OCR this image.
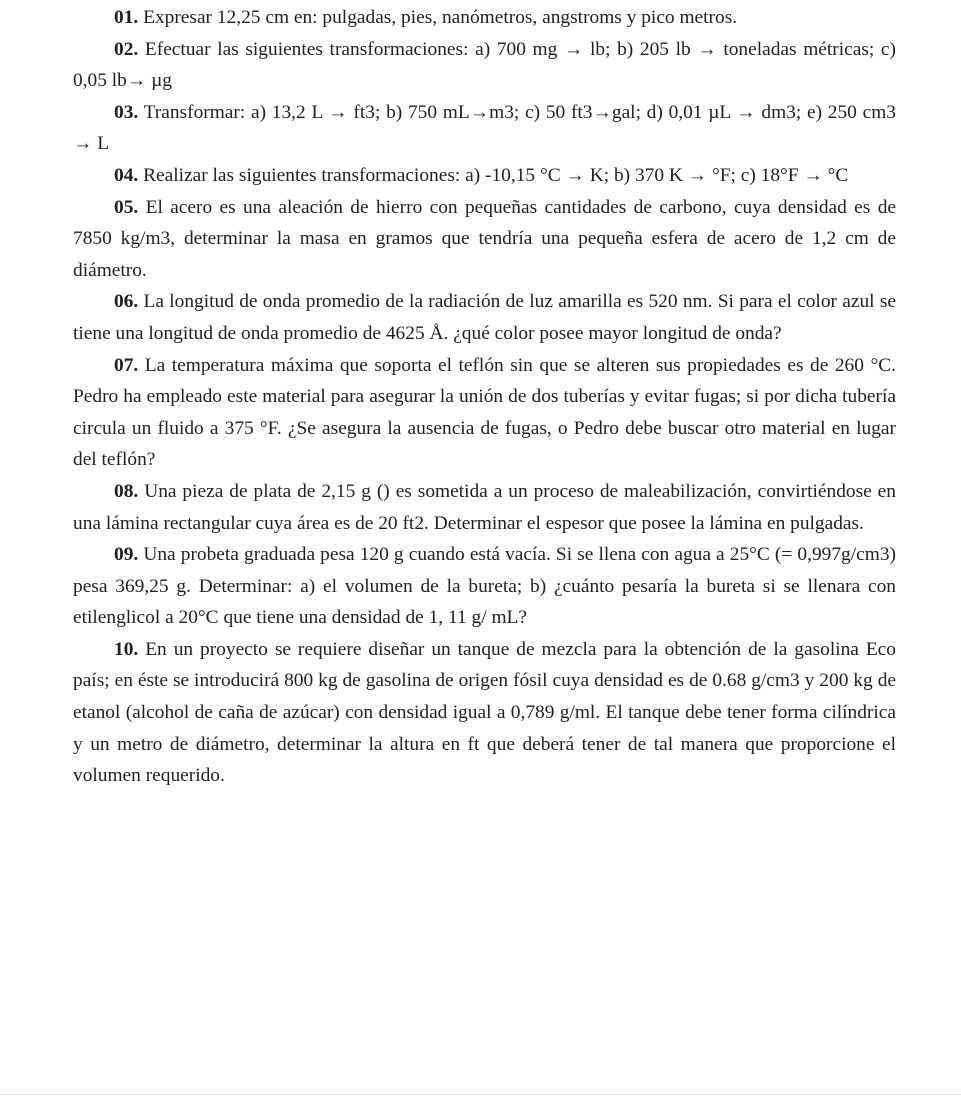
01. Expresar 12,25 cm en: pulgadas, pies, nanómetros, angstroms y pico metros.

02. Efectuar las siguientes transformaciones: a) 700 mg → lb; b) 205 lb → toneladas métricas; c) 0,05 lb→ µg

03. Transformar: a) 13,2 L → ft3; b) 750 mL→m3; c) 50 ft3→gal; d) 0,01 µL → dm3; e) 250 cm3 → L

04. Realizar las siguientes transformaciones: a) -10,15 °C → K; b) 370 K → °F; c) 18°F → °C

05. El acero es una aleación de hierro con pequeñas cantidades de carbono, cuya densidad es de 7850 kg/m3, determinar la masa en gramos que tendría una pequeña esfera de acero de 1,2 cm de diámetro.

06. La longitud de onda promedio de la radiación de luz amarilla es 520 nm. Si para el color azul se tiene una longitud de onda promedio de 4625 Å. ¿qué color posee mayor longitud de onda?

07. La temperatura máxima que soporta el teflón sin que se alteren sus propiedades es de 260 °C. Pedro ha empleado este material para asegurar la unión de dos tuberías y evitar fugas; si por dicha tubería circula un fluido a 375 °F. ¿Se asegura la ausencia de fugas, o Pedro debe buscar otro material en lugar del teflón?

08. Una pieza de plata de 2,15 g () es sometida a un proceso de maleabilización, convirtiéndose en una lámina rectangular cuya área es de 20 ft2. Determinar el espesor que posee la lámina en pulgadas.

09. Una probeta graduada pesa 120 g cuando está vacía. Si se llena con agua a 25°C (= 0,997g/cm3) pesa 369,25 g. Determinar: a) el volumen de la bureta; b) ¿cuánto pesaría la bureta si se llenara con etilenglicol a 20°C que tiene una densidad de 1, 11 g/ mL?

10. En un proyecto se requiere diseñar un tanque de mezcla para la obtención de la gasolina Eco país; en éste se introducirá 800 kg de gasolina de origen fósil cuya densidad es de 0.68 g/cm3 y 200 kg de etanol (alcohol de caña de azúcar) con densidad igual a 0,789 g/ml. El tanque debe tener forma cilíndrica y un metro de diámetro, determinar la altura en ft que deberá tener de tal manera que proporcione el volumen requerido.
